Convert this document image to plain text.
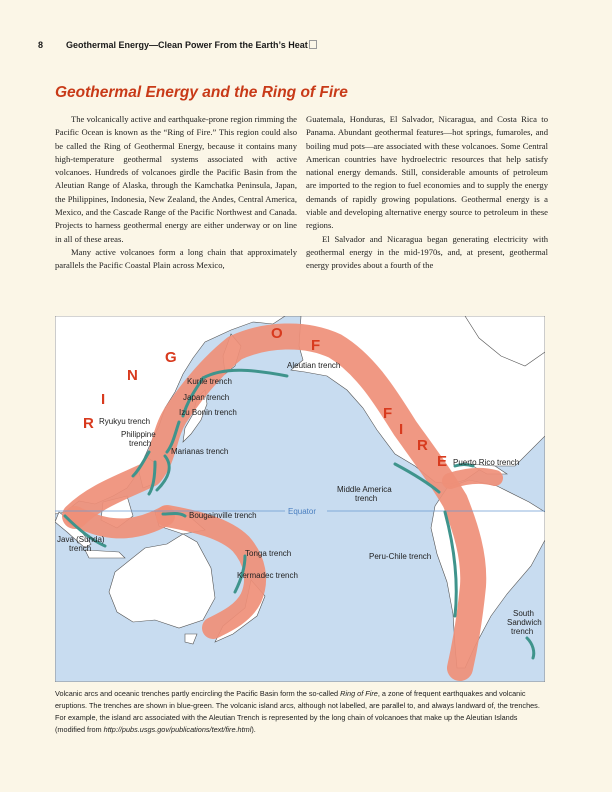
8	Geothermal Energy—Clean Power From the Earth’s Heat
Geothermal Energy and the Ring of Fire

The volcanically active and earthquake-prone region rimming the Pacific Ocean is known as the “Ring of Fire.” This region could also be called the Ring of Geothermal Energy, because it contains many high-temperature geothermal systems associated with active volcanoes. Hundreds of volcanoes girdle the Pacific Basin from the Aleutian Range of Alaska, through the Kamchatka Peninsula, Japan, the Philippines, Indonesia, New Zealand, the Andes, Central America, Mexico, and the Cascade Range of the Pacific Northwest and Canada. Projects to harness geothermal energy are either underway or on line in all of these areas.

Many active volcanoes form a long chain that approximately parallels the Pacific Coastal Plain across Mexico,

Guatemala, Honduras, El Salvador, Nicaragua, and Costa Rica to Panama. Abundant geothermal features—hot springs, fumaroles, and boiling mud pots—are associated with these volcanoes. Some Central American countries have hydroelectric resources that help satisfy national energy demands. Still, considerable amounts of petroleum are imported to the region to fuel economies and to supply the energy demands of rapidly growing populations. Geothermal energy is a viable and developing alternative energy source to petroleum in these regions.

El Salvador and Nicaragua began generating electricity with geothermal energy in the mid-1970s, and, at present, geothermal energy provides about a fourth of the

Equator
R
I
N
G
O
F
F
I
R
E
Aleutian trench
Kurile trench
Japan trench
Izu Bonin trench
Ryukyu trench
Philippine
trench
Marianas trench
Bougainville trench
Java (Sunda)
trench
Tonga trench
Kermadec trench
Middle America
trench
Puerto Rico trench
Peru-Chile trench
South
Sandwich
trench
Volcanic arcs and oceanic trenches partly encircling the Pacific Basin form the so-called Ring of Fire, a zone of frequent earthquakes and volcanic eruptions. The trenches are shown in blue-green. The volcanic island arcs, although not labelled, are parallel to, and always landward of, the trenches. For example, the island arc associated with the Aleutian Trench is represented by the long chain of volcanoes that make up the Aleutian Islands (modified from http://pubs.usgs.gov/publications/text/fire.html).
